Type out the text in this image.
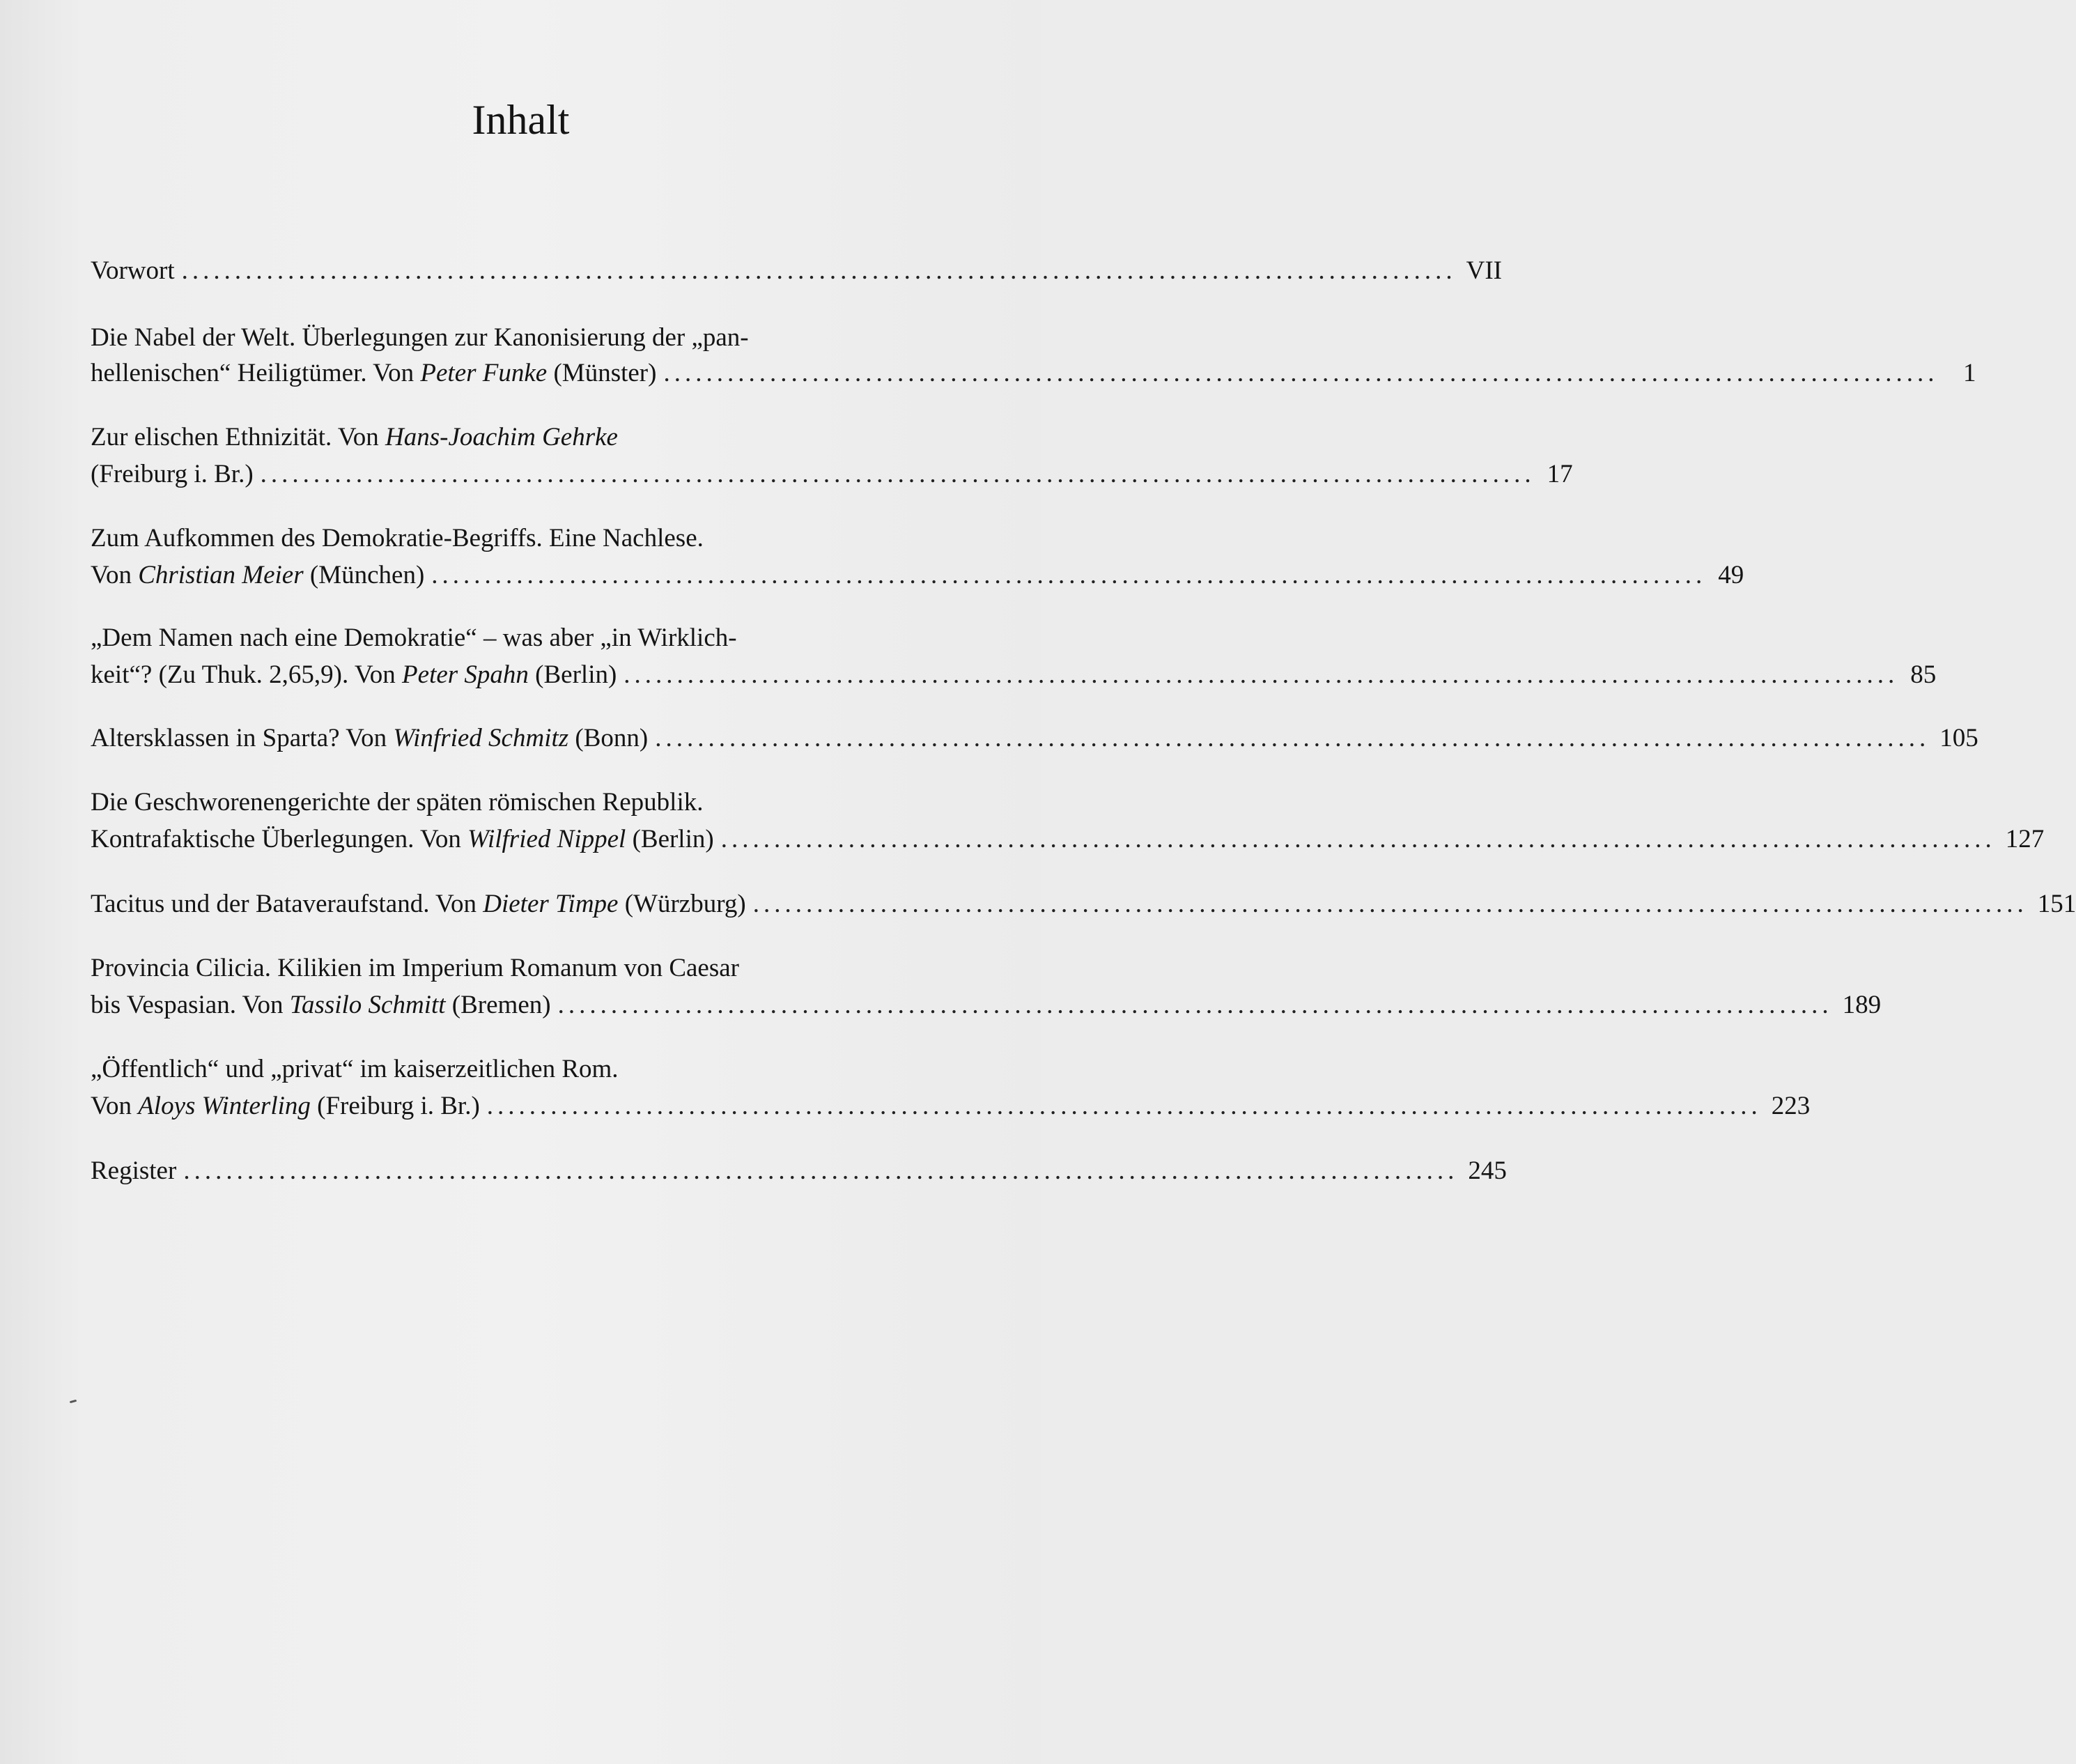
Inhalt
Vorwort ........................................................................................................................ VII
Die Nabel der Welt. Überlegungen zur Kanonisierung der „pan-
hellenischen“ Heiligtümer. Von Peter Funke (Münster) ........................................................................................................................ 1
Zur elischen Ethnizität. Von Hans-Joachim Gehrke
(Freiburg i. Br.) ........................................................................................................................ 17
Zum Aufkommen des Demokratie-Begriffs. Eine Nachlese.
Von Christian Meier (München) ........................................................................................................................ 49
„Dem Namen nach eine Demokratie“ – was aber „in Wirklich-
keit“? (Zu Thuk. 2,65,9). Von Peter Spahn (Berlin) ........................................................................................................................ 85
Altersklassen in Sparta? Von Winfried Schmitz (Bonn) ........................................................................................................................ 105
Die Geschworenengerichte der späten römischen Republik.
Kontrafaktische Überlegungen. Von Wilfried Nippel (Berlin) ........................................................................................................................ 127
Tacitus und der Bataveraufstand. Von Dieter Timpe (Würzburg) ........................................................................................................................ 151
Provincia Cilicia. Kilikien im Imperium Romanum von Caesar
bis Vespasian. Von Tassilo Schmitt (Bremen) ........................................................................................................................ 189
„Öffentlich“ und „privat“ im kaiserzeitlichen Rom.
Von Aloys Winterling (Freiburg i. Br.) ........................................................................................................................ 223
Register ........................................................................................................................ 245
